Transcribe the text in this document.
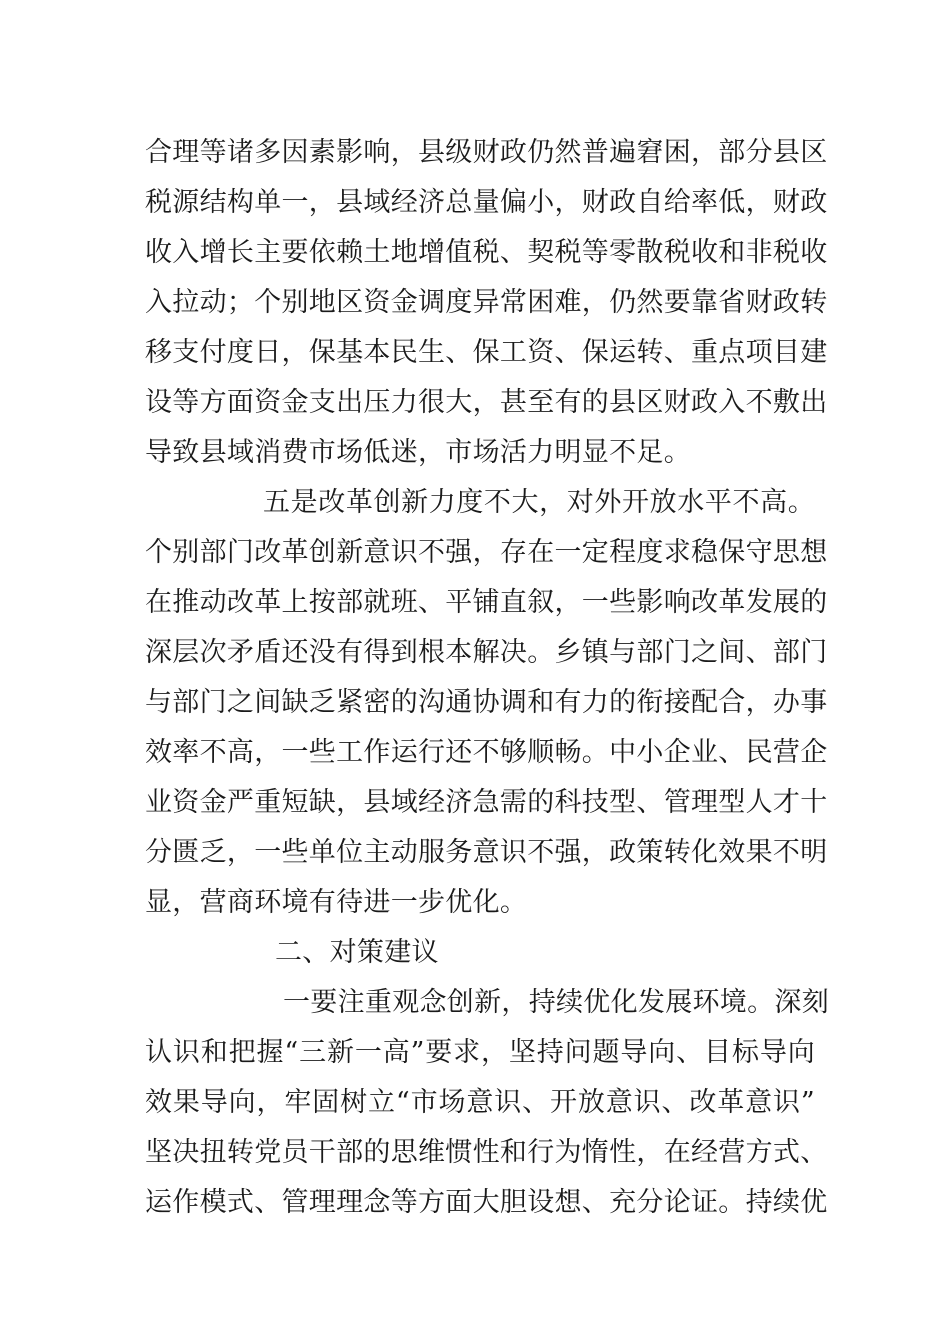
合理等诸多因素影响，县级财政仍然普遍窘困，部分县区
税源结构单一，县域经济总量偏小，财政自给率低，财政
收入增长主要依赖土地增值税、契税等零散税收和非税收
入拉动；个别地区资金调度异常困难，仍然要靠省财政转
移支付度日，保基本民生、保工资、保运转、重点项目建
设等方面资金支出压力很大，甚至有的县区财政入不敷出
导致县域消费市场低迷，市场活力明显不足。
五是改革创新力度不大，对外开放水平不高。
个别部门改革创新意识不强，存在一定程度求稳保守思想
在推动改革上按部就班、平铺直叙，一些影响改革发展的
深层次矛盾还没有得到根本解决。乡镇与部门之间、部门
与部门之间缺乏紧密的沟通协调和有力的衔接配合，办事
效率不高，一些工作运行还不够顺畅。中小企业、民营企
业资金严重短缺，县域经济急需的科技型、管理型人才十
分匮乏，一些单位主动服务意识不强，政策转化效果不明
显，营商环境有待进一步优化。
二、对策建议
一要注重观念创新，持续优化发展环境。深刻
认识和把握“三新一高”要求，坚持问题导向、目标导向
效果导向，牢固树立“市场意识、开放意识、改革意识”
坚决扭转党员干部的思维惯性和行为惰性，在经营方式、
运作模式、管理理念等方面大胆设想、充分论证。持续优
